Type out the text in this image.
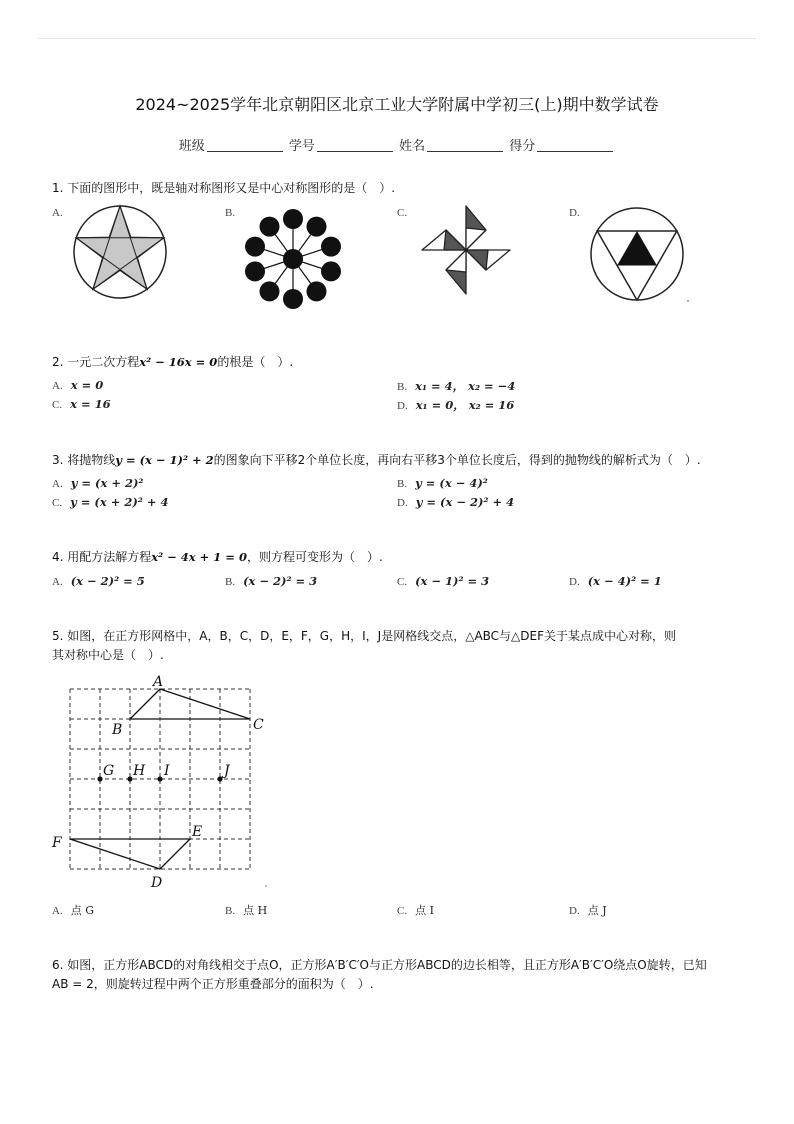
2024~2025学年北京朝阳区北京工业大学附属中学初三(上)期中数学试卷
班级	学号	姓名	得分
1. 下面的图形中，既是轴对称图形又是中心对称图形的是（　）.
A.	B.	C.	D.
2. 一元二次方程x² − 16x = 0的根是（　）.
A. x = 0	B. x₁ = 4， x₂ = −4
C. x = 16	D. x₁ = 0， x₂ = 16
3. 将抛物线y = (x − 1)² + 2的图象向下平移2个单位长度，再向右平移3个单位长度后，得到的抛物线的解析式为（　）.
A. y = (x + 2)²	B. y = (x − 4)²
C. y = (x + 2)² + 4	D. y = (x − 2)² + 4
4. 用配方法解方程x² − 4x + 1 = 0，则方程可变形为（　）.
A. (x − 2)² = 5	B. (x − 2)² = 3	C. (x − 1)² = 3	D. (x − 4)² = 1
5. 如图，在正方形网格中，A，B，C，D，E，F，G，H，I，J是网格线交点，△ABC与△DEF关于某点成中心对称，则
其对称中心是（　）.
A
B	C
D
E
F
G H I	J
A. 点 G	B. 点 H	C. 点 I	D. 点 J
6. 如图，正方形ABCD的对角线相交于点O，正方形A′B′C′O与正方形ABCD的边长相等，且正方形A′B′C′O绕点O旋转，已知
AB = 2，则旋转过程中两个正方形重叠部分的面积为（　）.
